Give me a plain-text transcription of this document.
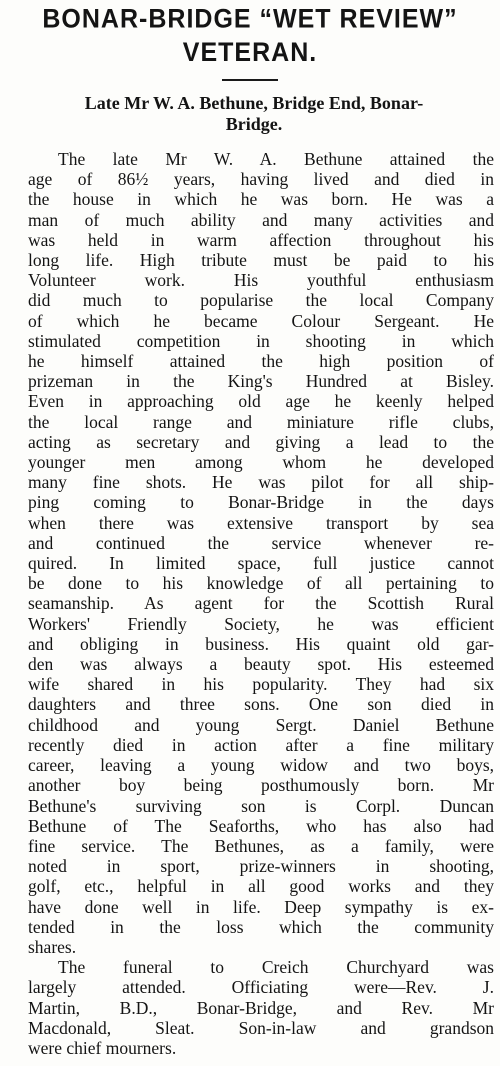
BONAR-BRIDGE “WET REVIEW”
VETERAN.
Late Mr W. A. Bethune, Bridge End, Bonar-
Bridge.
The late Mr W. A. Bethune attained the
age of 86½ years, having lived and died in
the house in which he was born. He was a
man of much ability and many activities and
was held in warm affection throughout his
long life. High tribute must be paid to his
Volunteer work. His youthful enthusiasm
did much to popularise the local Company
of which he became Colour Sergeant. He
stimulated competition in shooting in which
he himself attained the high position of
prizeman in the King's Hundred at Bisley.
Even in approaching old age he keenly helped
the local range and miniature rifle clubs,
acting as secretary and giving a lead to the
younger men among whom he developed
many fine shots. He was pilot for all ship-
ping coming to Bonar-Bridge in the days
when there was extensive transport by sea
and continued the service whenever re-
quired. In limited space, full justice cannot
be done to his knowledge of all pertaining to
seamanship. As agent for the Scottish Rural
Workers' Friendly Society, he was efficient
and obliging in business. His quaint old gar-
den was always a beauty spot. His esteemed
wife shared in his popularity. They had six
daughters and three sons. One son died in
childhood and young Sergt. Daniel Bethune
recently died in action after a fine military
career, leaving a young widow and two boys,
another boy being posthumously born. Mr
Bethune's surviving son is Corpl. Duncan
Bethune of The Seaforths, who has also had
fine service. The Bethunes, as a family, were
noted in sport, prize-winners in shooting,
golf, etc., helpful in all good works and they
have done well in life. Deep sympathy is ex-
tended in the loss which the community
shares.
The funeral to Creich Churchyard was
largely attended. Officiating were—Rev. J.
Martin, B.D., Bonar-Bridge, and Rev. Mr
Macdonald, Sleat. Son-in-law and grandson
were chief mourners.
